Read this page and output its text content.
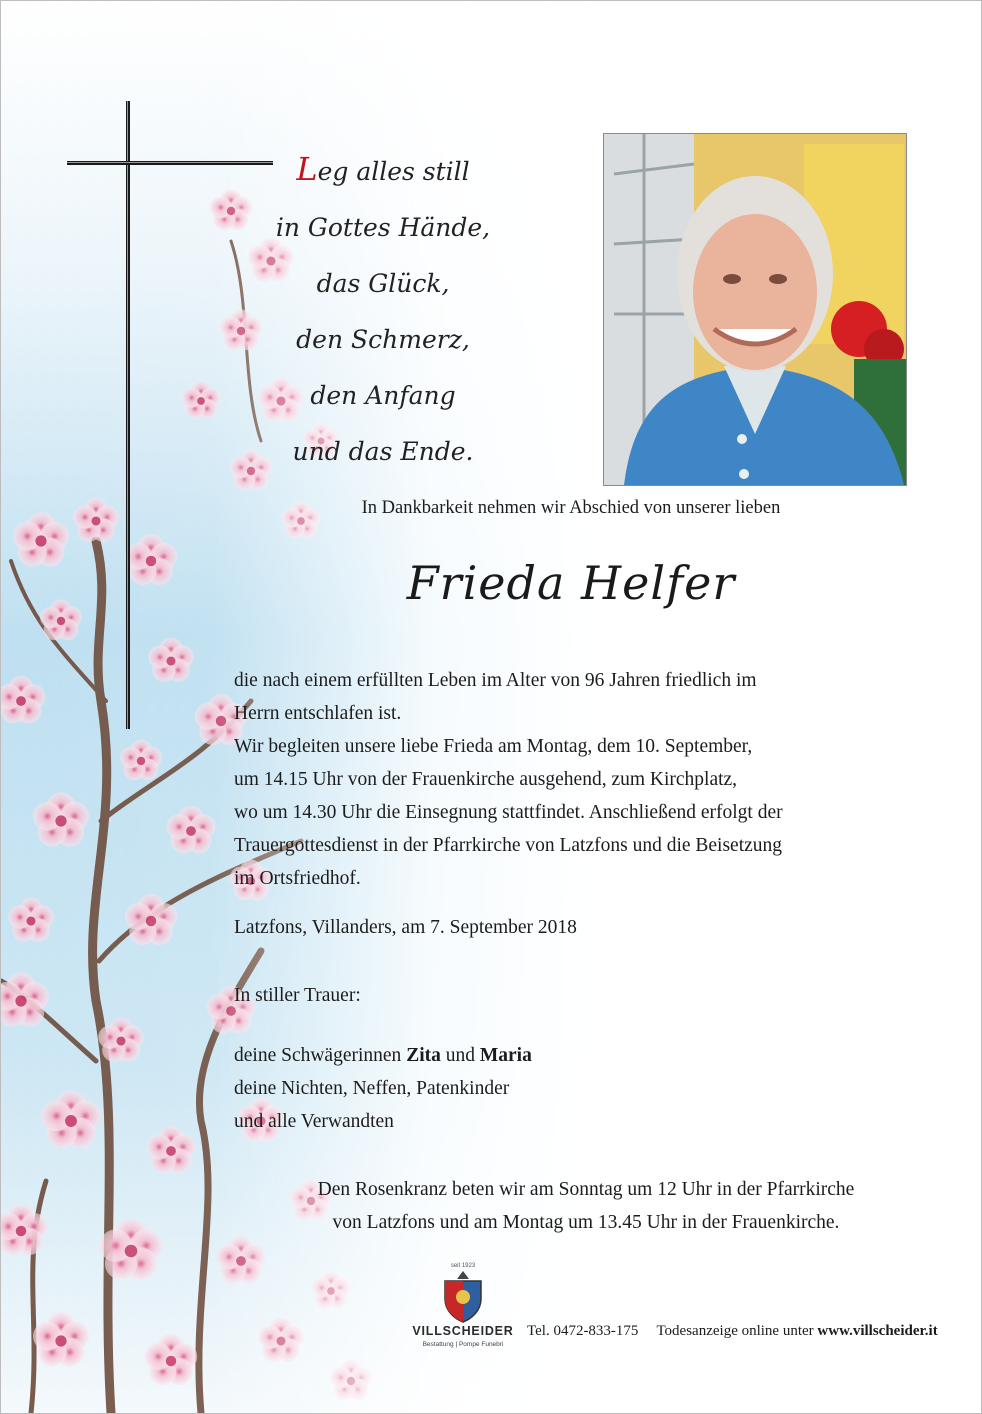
Leg alles still
in Gottes Hände,
das Glück,
den Schmerz,
den Anfang
und das Ende.
In Dankbarkeit nehmen wir Abschied von unserer lieben
Frieda Helfer

die nach einem erfüllten Leben im Alter von 96 Jahren friedlich im

Herrn entschlafen ist.

Wir begleiten unsere liebe Frieda am Montag, dem 10. September,

um 14.15 Uhr von der Frauenkirche ausgehend, zum Kirchplatz,

wo um 14.30 Uhr die Einsegnung stattfindet. Anschließend erfolgt der

Trauergottesdienst in der Pfarrkirche von Latzfons und die Beisetzung

im Ortsfriedhof.

Latzfons, Villanders, am 7. September 2018
In stiller Trauer:

deine Schwägerinnen Zita und Maria

deine Nichten, Neffen, Patenkinder

und alle Verwandten

Den Rosenkranz beten wir am Sonntag um 12 Uhr in der Pfarrkirche

von Latzfons und am Montag um 13.45 Uhr in der Frauenkirche.

seit 1923
VILLSCHEIDER
Bestattung | Pompe Funebri
Tel. 0472-833-175 Todesanzeige online unter www.villscheider.it
